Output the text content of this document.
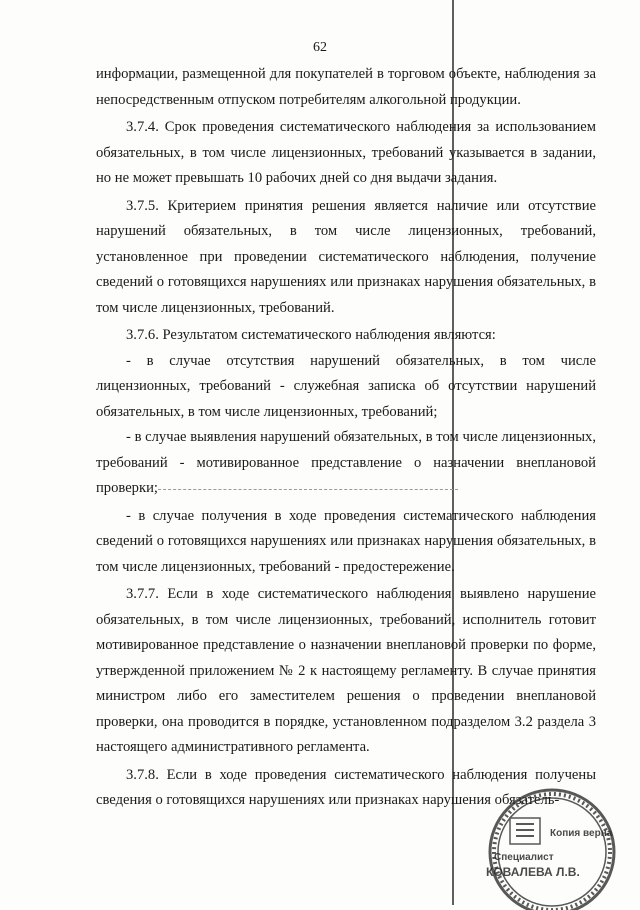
62

информации, размещенной для покупателей в торговом объекте, наблюдения за непосредственным отпуском потребителям алкогольной продукции.

3.7.4. Срок проведения систематического наблюдения за использованием обязательных, в том числе лицензионных, требований указывается в задании, но не может превышать 10 рабочих дней со дня выдачи задания.

3.7.5. Критерием принятия решения является наличие или отсутствие нарушений обязательных, в том числе лицензионных, требований, установленное при проведении систематического наблюдения, получение сведений о готовящихся нарушениях или признаках нарушения обязательных, в том числе лицензионных, требований.

3.7.6. Результатом систематического наблюдения являются:

- в случае отсутствия нарушений обязательных, в том числе лицензионных, требований - служебная записка об отсутствии нарушений обязательных, в том числе лицензионных, требований;

- в случае выявления нарушений обязательных, в том числе лицензионных, требований - мотивированное представление о назначении внеплановой проверки;

- в случае получения в ходе проведения систематического наблюдения сведений о готовящихся нарушениях или признаках нарушения обязательных, в том числе лицензионных, требований - предостережение.

3.7.7. Если в ходе систематического наблюдения выявлено нарушение обязательных, в том числе лицензионных, требований, исполнитель готовит мотивированное представление о назначении внеплановой проверки по форме, утвержденной приложением № 2 к настоящему регламенту. В случае принятия министром либо его заместителем решения о проведении внеплановой проверки, она проводится в порядке, установленном подразделом 3.2 раздела 3 настоящего административного регламента.

3.7.8. Если в ходе проведения систематического наблюдения получены сведения о готовящихся нарушениях или признаках нарушения обязатель-

Копия верна
Специалист
КОВАЛЕВА Л.В.
